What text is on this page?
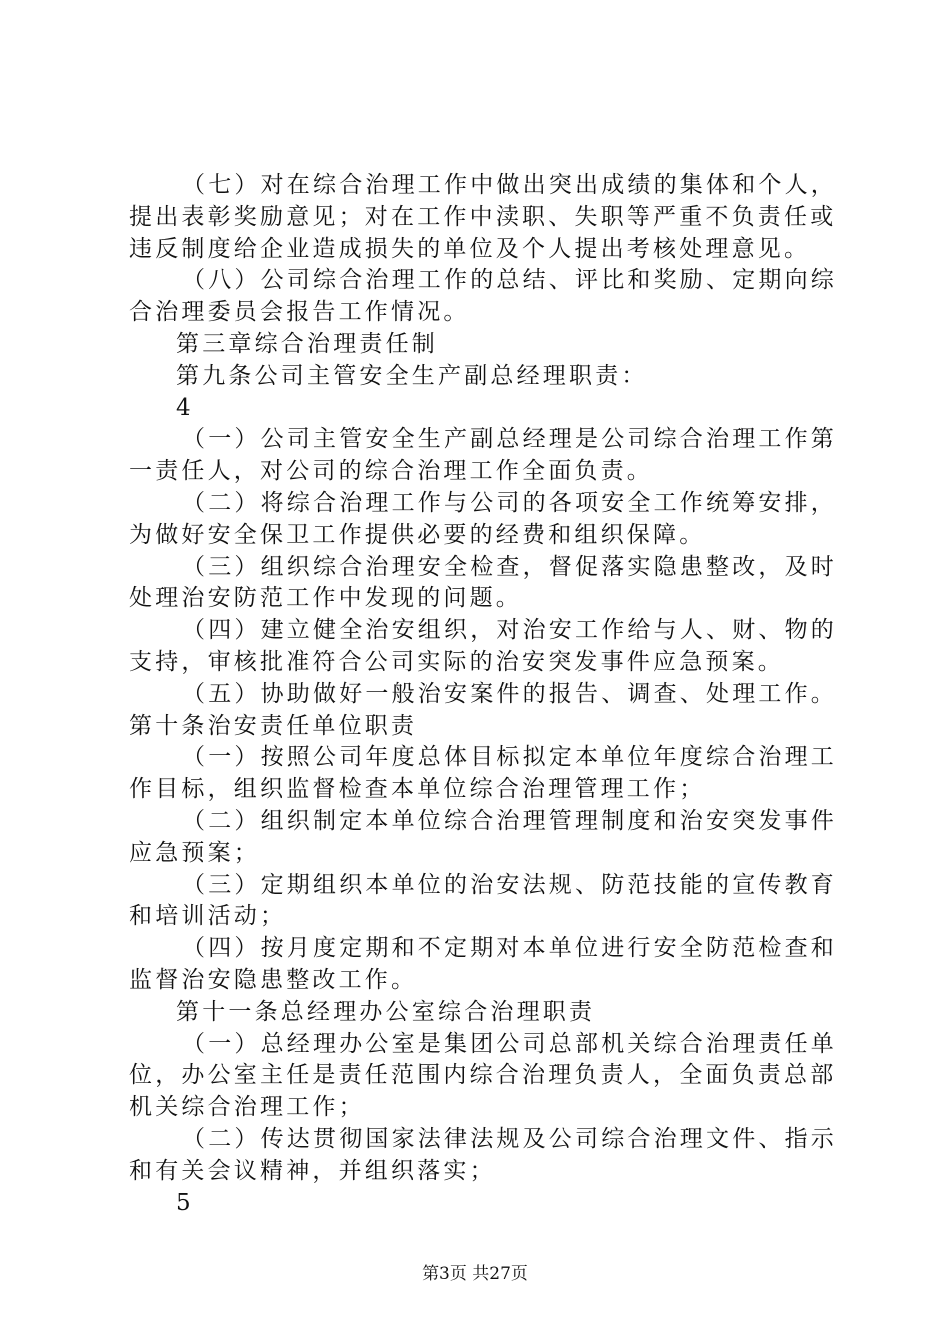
（七）对在综合治理工作中做出突出成绩的集体和个人，
提出表彰奖励意见；对在工作中渎职、失职等严重不负责任或
违反制度给企业造成损失的单位及个人提出考核处理意见。
（八）公司综合治理工作的总结、评比和奖励、定期向综
合治理委员会报告工作情况。
第三章综合治理责任制
第九条公司主管安全生产副总经理职责：
4
（一）公司主管安全生产副总经理是公司综合治理工作第
一责任人，对公司的综合治理工作全面负责。
（二）将综合治理工作与公司的各项安全工作统筹安排，
为做好安全保卫工作提供必要的经费和组织保障。
（三）组织综合治理安全检查，督促落实隐患整改，及时
处理治安防范工作中发现的问题。
（四）建立健全治安组织，对治安工作给与人、财、物的
支持，审核批准符合公司实际的治安突发事件应急预案。
（五）协助做好一般治安案件的报告、调查、处理工作。
第十条治安责任单位职责
（一）按照公司年度总体目标拟定本单位年度综合治理工
作目标，组织监督检查本单位综合治理管理工作；
（二）组织制定本单位综合治理管理制度和治安突发事件
应急预案；
（三）定期组织本单位的治安法规、防范技能的宣传教育
和培训活动；
（四）按月度定期和不定期对本单位进行安全防范检查和
监督治安隐患整改工作。
第十一条总经理办公室综合治理职责
（一）总经理办公室是集团公司总部机关综合治理责任单
位，办公室主任是责任范围内综合治理负责人，全面负责总部
机关综合治理工作；
（二）传达贯彻国家法律法规及公司综合治理文件、指示
和有关会议精神，并组织落实；
5
第3页 共27页
